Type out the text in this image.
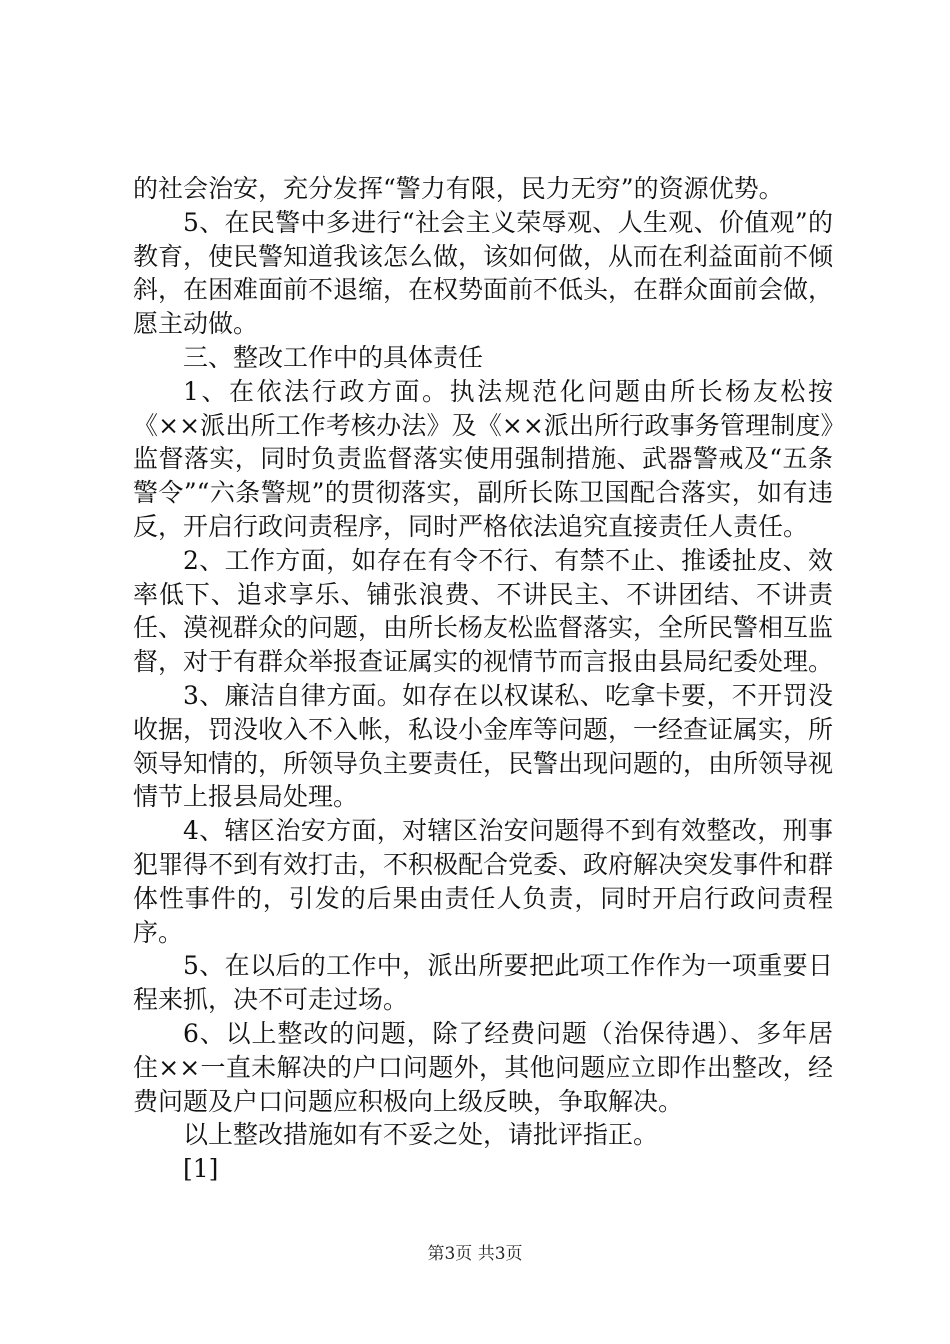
的社会治安，充分发挥“警力有限，民力无穷”的资源优势。

5、在民警中多进行“社会主义荣辱观、人生观、价值观”的教育，使民警知道我该怎么做，该如何做，从而在利益面前不倾斜，在困难面前不退缩，在权势面前不低头，在群众面前会做，愿主动做。

三、整改工作中的具体责任

1、在依法行政方面。执法规范化问题由所长杨友松按《××派出所工作考核办法》及《××派出所行政事务管理制度》监督落实，同时负责监督落实使用强制措施、武器警戒及“五条警令”“六条警规”的贯彻落实，副所长陈卫国配合落实，如有违反，开启行政问责程序，同时严格依法追究直接责任人责任。

2、工作方面，如存在有令不行、有禁不止、推诿扯皮、效率低下、追求享乐、铺张浪费、不讲民主、不讲团结、不讲责任、漠视群众的问题，由所长杨友松监督落实，全所民警相互监督，对于有群众举报查证属实的视情节而言报由县局纪委处理。

3、廉洁自律方面。如存在以权谋私、吃拿卡要，不开罚没收据，罚没收入不入帐，私设小金库等问题，一经查证属实，所领导知情的，所领导负主要责任，民警出现问题的，由所领导视情节上报县局处理。

4、辖区治安方面，对辖区治安问题得不到有效整改，刑事犯罪得不到有效打击，不积极配合党委、政府解决突发事件和群体性事件的，引发的后果由责任人负责，同时开启行政问责程序。

5、在以后的工作中，派出所要把此项工作作为一项重要日程来抓，决不可走过场。

6、以上整改的问题，除了经费问题（治保待遇）、多年居住××一直未解决的户口问题外，其他问题应立即作出整改，经费问题及户口问题应积极向上级反映，争取解决。

以上整改措施如有不妥之处，请批评指正。

[1]

第3页 共3页
